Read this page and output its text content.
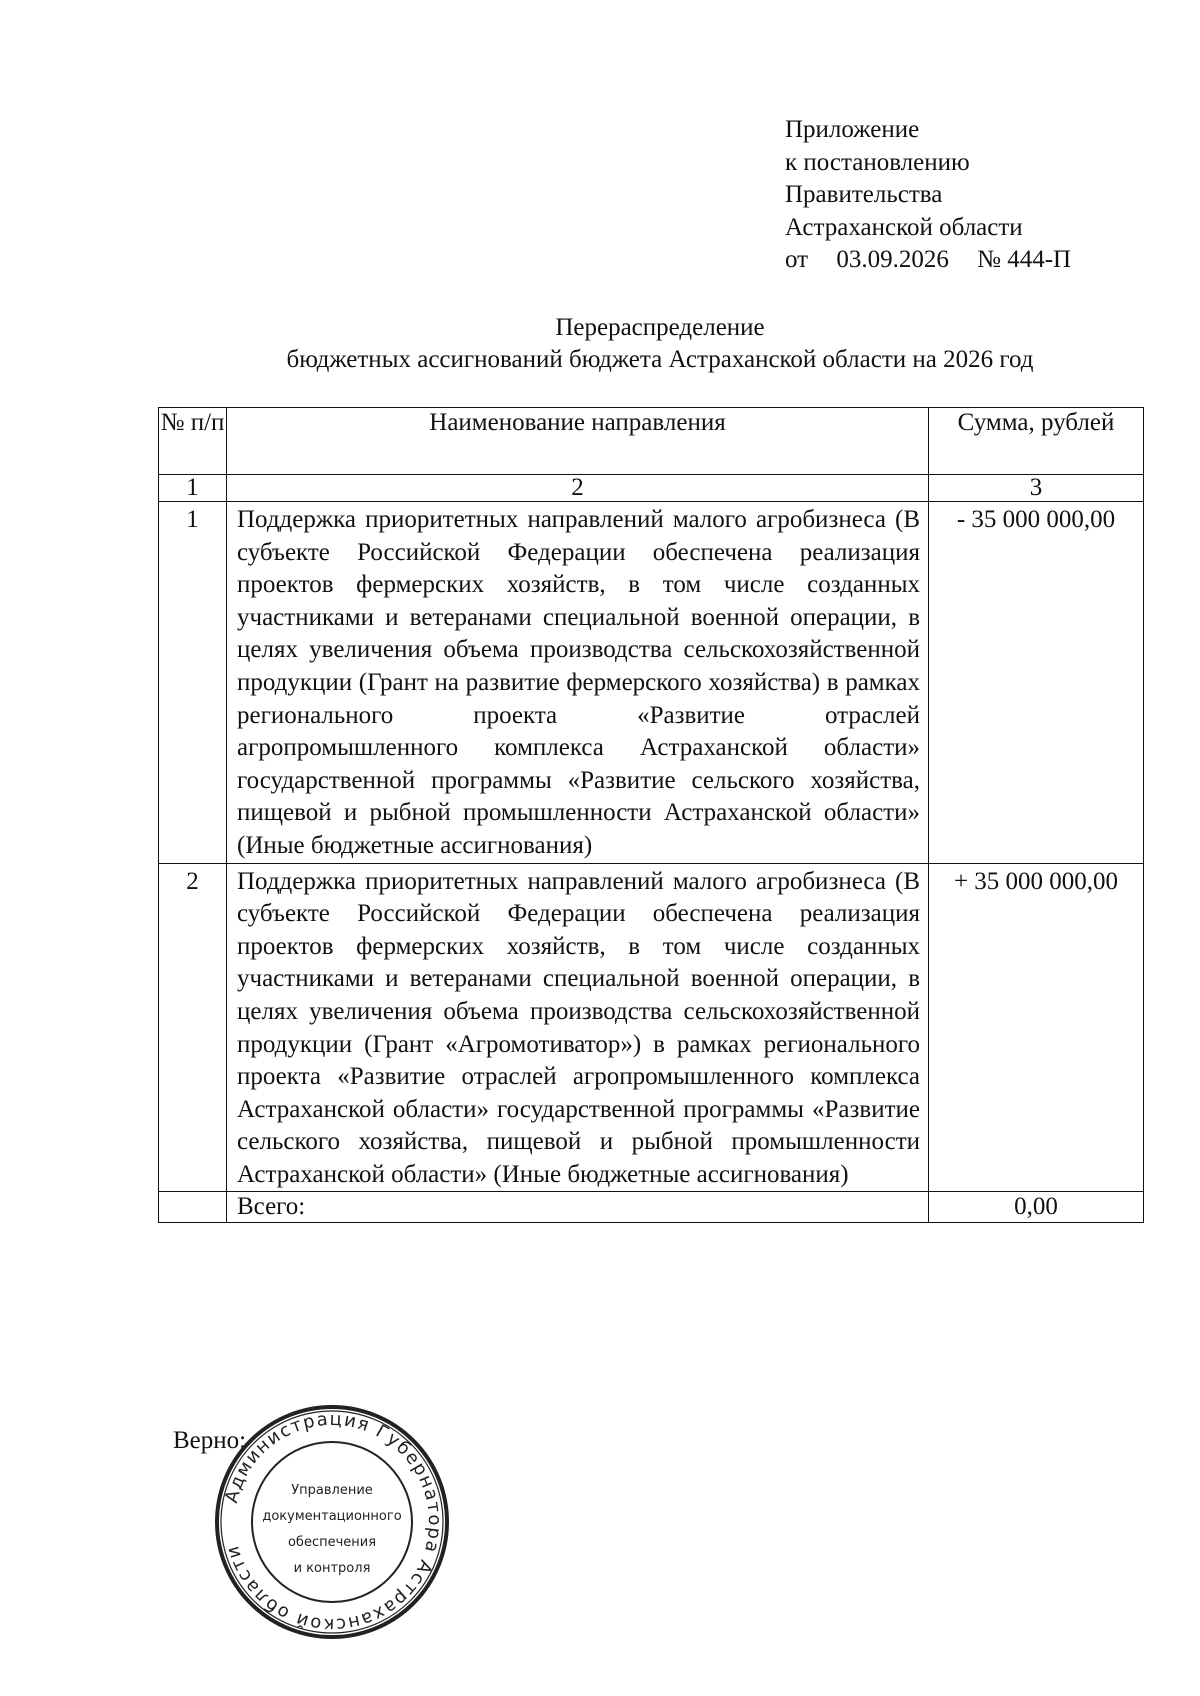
Приложение
к постановлению
Правительства
Астраханской области
от 03.09.2026 № 444-П
Перераспределение
бюджетных ассигнований бюджета Астраханской области на 2026 год
№ п/п	Наименование направления	Сумма, рублей
1	2	3
1	Поддержка приоритетных направлений малого агробизнеса (В субъекте Российской Федерации обеспечена реализация проектов фермерских хозяйств, в том числе созданных участниками и ветеранами специальной военной операции, в целях увеличения объема производства сельскохозяйственной продукции (Грант на развитие фермерского хозяйства) в рамках регионального проекта «Развитие отраслей агропромышленного комплекса Астраханской области» государственной программы «Развитие сельского хозяйства, пищевой и рыбной промышленности Астраханской области» (Иные бюджетные ассигнования)	- 35 000 000,00
2	Поддержка приоритетных направлений малого агробизнеса (В субъекте Российской Федерации обеспечена реализация проектов фермерских хозяйств, в том числе созданных участниками и ветеранами специальной военной операции, в целях увеличения объема производства сельскохозяйственной продукции (Грант «Агромотиватор») в рамках регионального проекта «Развитие отраслей агропромышленного комплекса Астраханской области» государственной программы «Развитие сельского хозяйства, пищевой и рыбной промышленности Астраханской области» (Иные бюджетные ассигнования)	+ 35 000 000,00
	Всего:	0,00
Верно:
Администрация Губернатора Астраханской области
Управление
документационного
обеспечения
и контроля
